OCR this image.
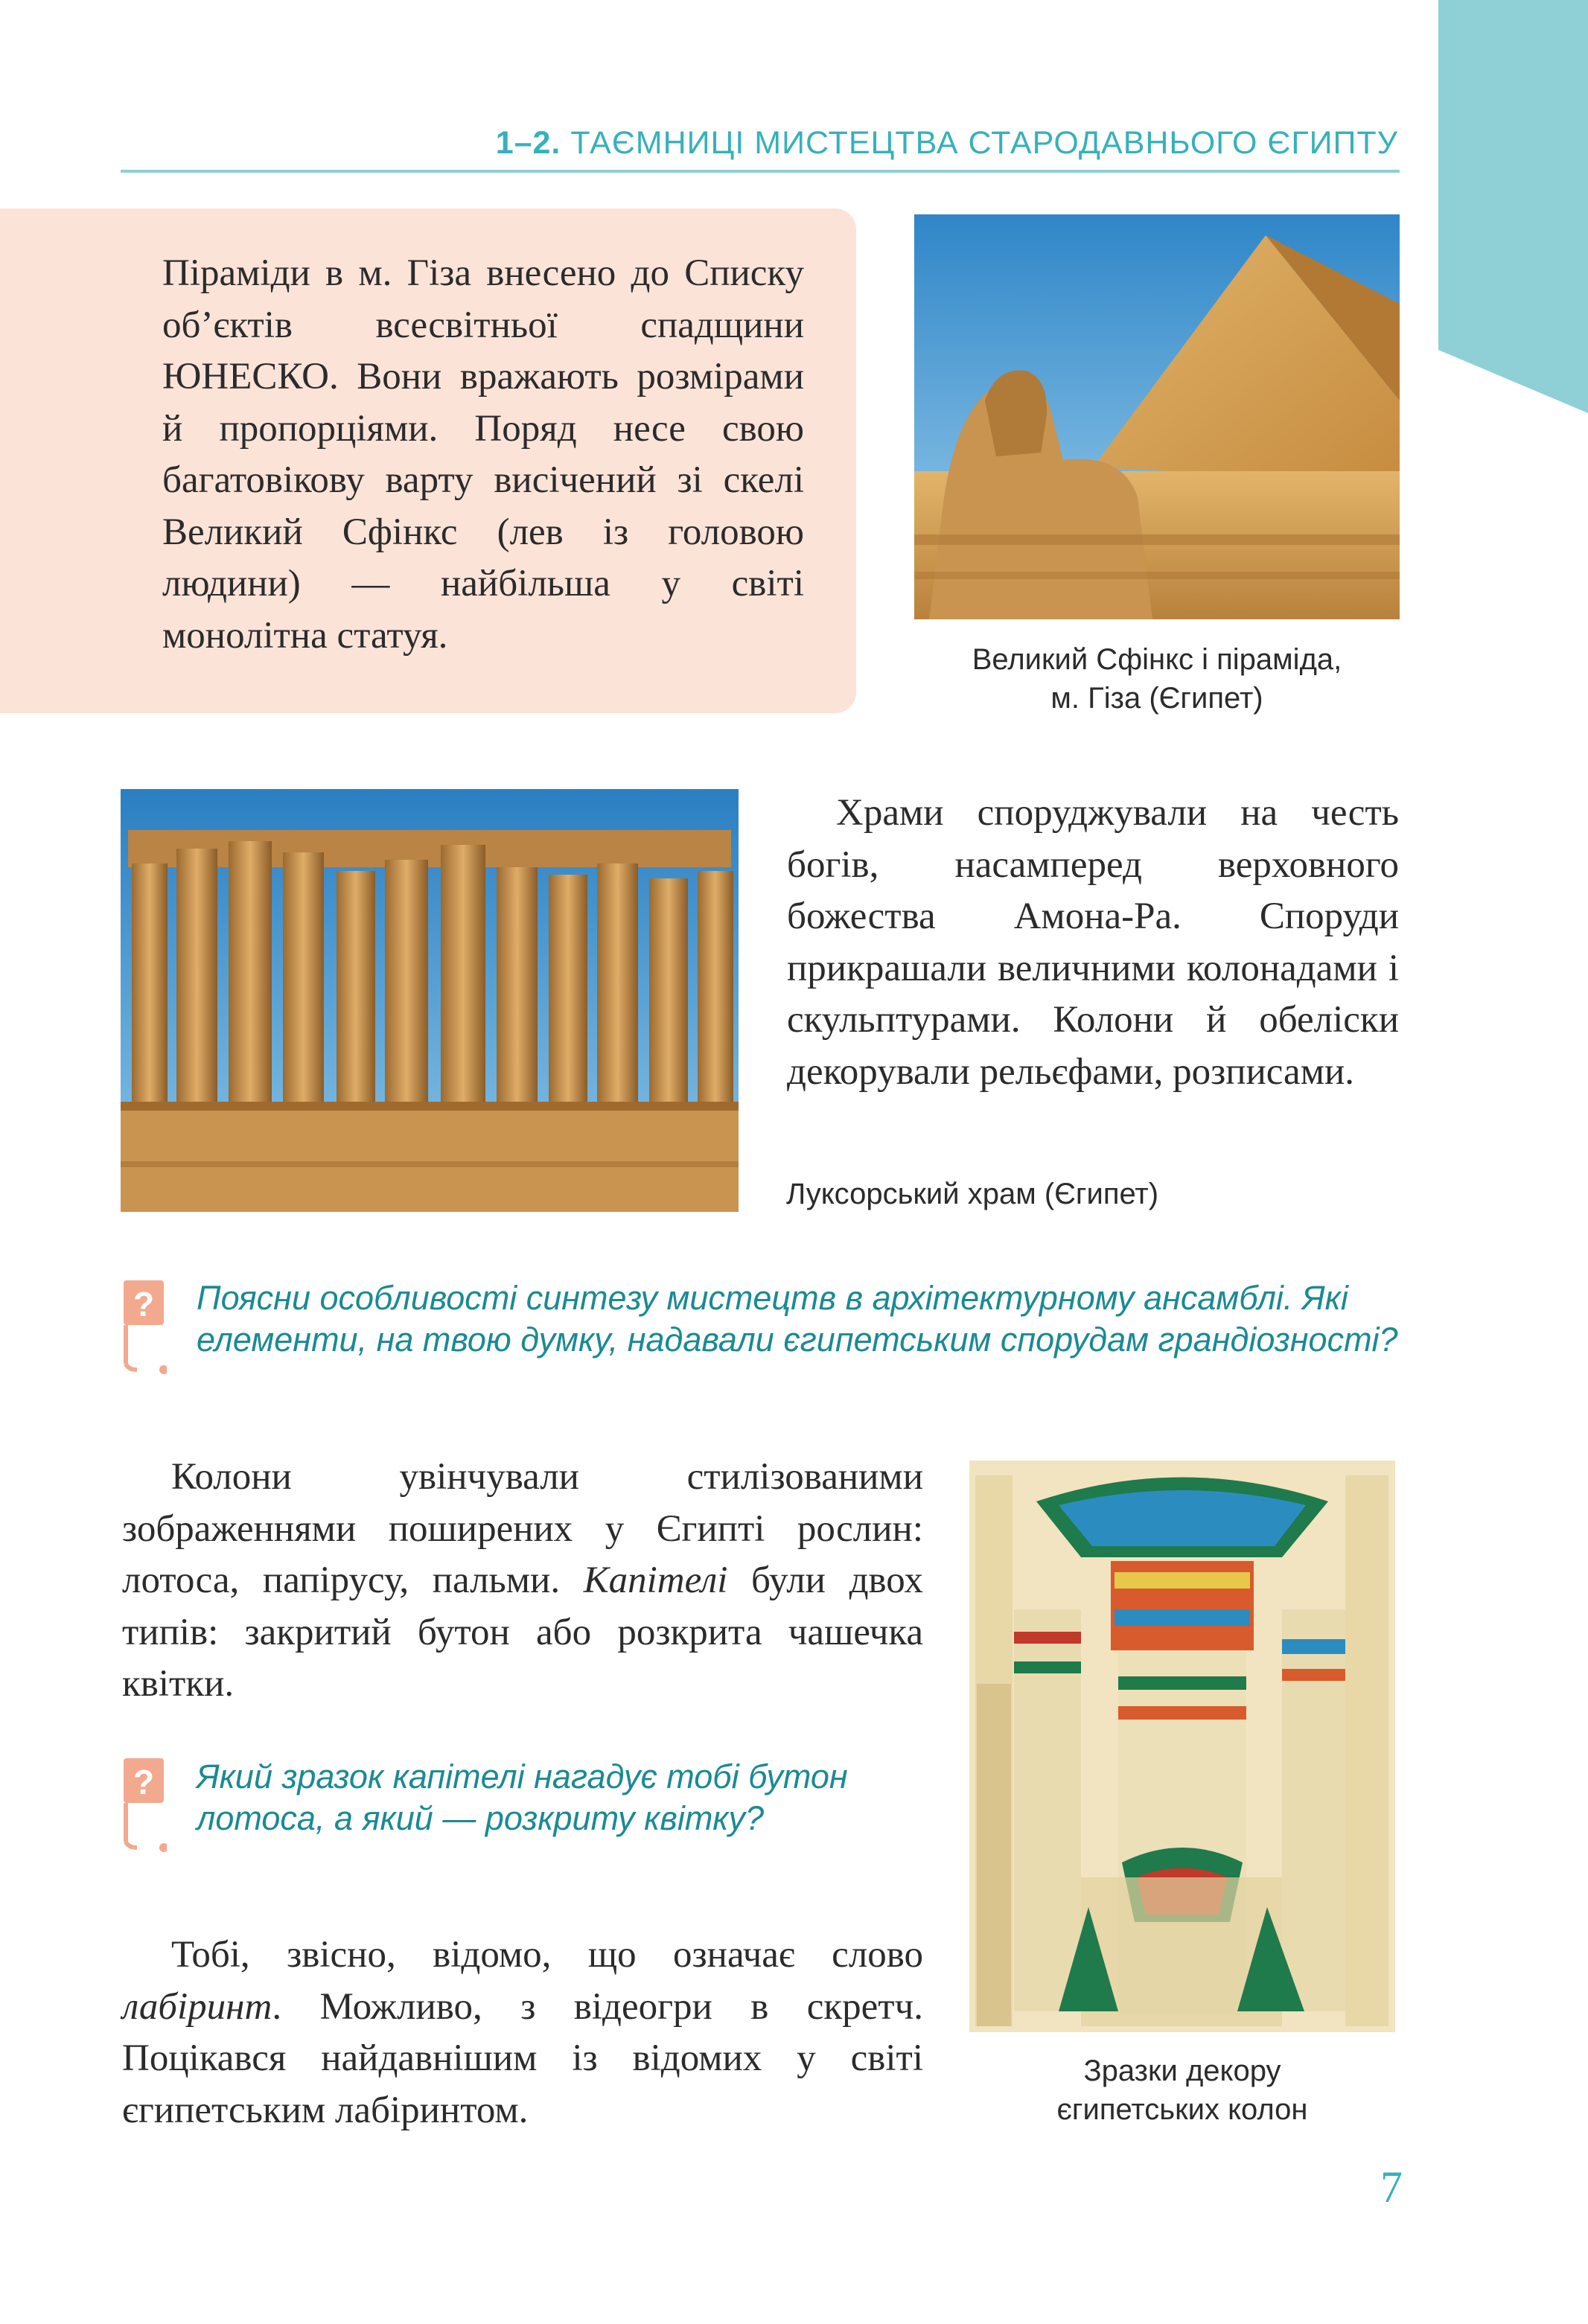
1–2. ТАЄМНИЦІ МИСТЕЦТВА СТАРОДАВНЬОГО ЄГИПТУ

Піраміди в м. Гіза внесено до Списку об’єктів всесвітньої спадщини ЮНЕСКО. Вони вражають розмірами й пропорціями. Поряд несе свою багатовікову варту висічений зі скелі Великий Сфінкс (лев із головою людини) — найбільша у світі монолітна статуя.

Великий Сфінкс і піраміда,
м. Гіза (Єгипет)

Храми споруджували на честь богів, насамперед верховного божества Амона-Ра. Споруди прикрашали величними колонадами і скульптурами. Колони й обеліски декорували рельєфами, розписами.

Луксорський храм (Єгипет)
? Поясни особливості синтезу мистецтв в архітектурному ансамблі. Які елементи, на твою думку, надавали єгипетським спорудам грандіозності?

Колони увінчували стилізованими зображеннями поширених у Єгипті рослин: лотоса, папірусу, пальми. Капітелі були двох типів: закритий бутон або розкрита чашечка квітки.

? Який зразок капітелі нагадує тобі бутон лотоса, а який — розкриту квітку?

Зразки декору
єгипетських колон

Тобі, звісно, відомо, що означає слово лабіринт. Можливо, з відеогри в скретч. Поцікався найдавнішим із відомих у світі єгипетським лабіринтом.

7
